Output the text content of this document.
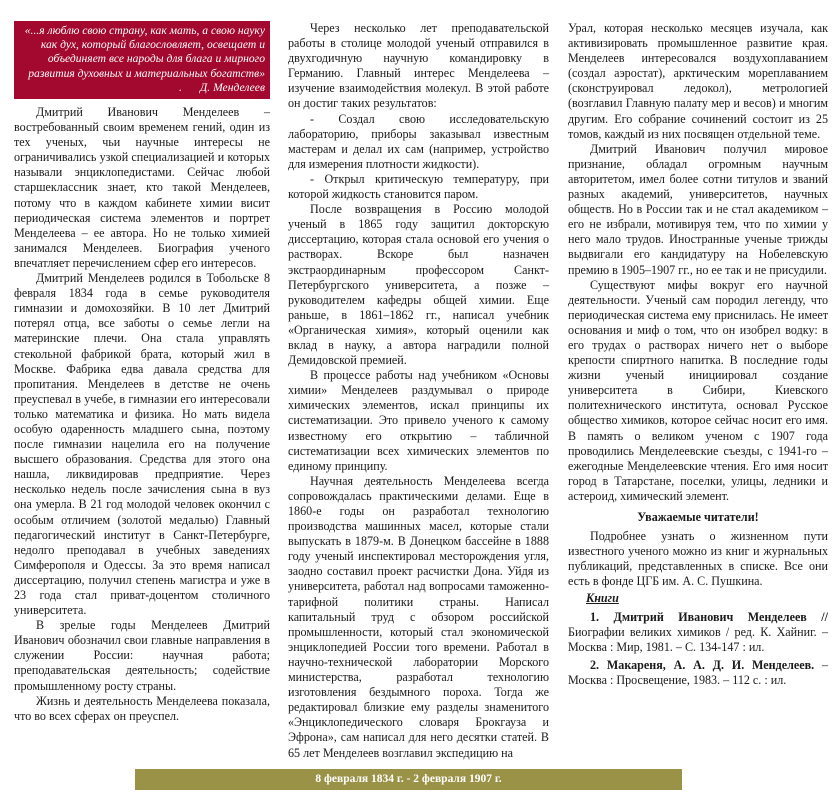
«...я люблю свою страну, как мать, а свою науку как дух, который благословляет, освещает и объединяет все народы для блага и мирного развития духовных и материальных богатств» . Д. Менделеев

Дмитрий Иванович Менделеев – востребованный своим временем гений, один из тех ученых, чьи научные интересы не ограничивались узкой специализацией и которых называли энциклопедистами. Сейчас любой старшеклассник знает, кто такой Менделеев, потому что в каждом кабинете химии висит периодическая система элементов и портрет Менделеева – ее автора. Но не только химией занимался Менделеев. Биография ученого впечатляет перечислением сфер его интересов.

Дмитрий Менделеев родился в Тобольске 8 февраля 1834 года в семье руководителя гимназии и домохозяйки. В 10 лет Дмитрий потерял отца, все заботы о семье легли на материнские плечи. Она стала управлять стекольной фабрикой брата, который жил в Москве. Фабрика едва давала средства для пропитания. Менделеев в детстве не очень преуспевал в учебе, в гимназии его интересовали только математика и физика. Но мать видела особую одаренность младшего сына, поэтому после гимназии нацелила его на получение высшего образования. Средства для этого она нашла, ликвидировав предприятие. Через несколько недель после зачисления сына в вуз она умерла. В 21 год молодой человек окончил с особым отличием (золотой медалью) Главный педагогический институт в Санкт-Петербурге, недолго преподавал в учебных заведениях Симферополя и Одессы. За это время написал диссертацию, получил степень магистра и уже в 23 года стал приват-доцентом столичного университета.

В зрелые годы Менделеев Дмитрий Иванович обозначил свои главные направления в служении России: научная работа; преподавательская деятельность; содействие промышленному росту страны.

Жизнь и деятельность Менделеева показала, что во всех сферах он преуспел.

Через несколько лет преподавательской работы в столице молодой ученый отправился в двухгодичную научную командировку в Германию. Главный интерес Менделеева – изучение взаимодействия молекул. В этой работе он достиг таких результатов:

- Создал свою исследовательскую лабораторию, приборы заказывал известным мастерам и делал их сам (например, устройство для измерения плотности жидкости).

- Открыл критическую температуру, при которой жидкость становится паром.

После возвращения в Россию молодой ученый в 1865 году защитил докторскую диссертацию, которая стала основой его учения о растворах. Вскоре был назначен экстраординарным профессором Санкт-Петербургского университета, а позже – руководителем кафедры общей химии. Еще раньше, в 1861–1862 гг., написал учебник «Органическая химия», который оценили как вклад в науку, а автора наградили полной Демидовской премией.

В процессе работы над учебником «Основы химии» Менделеев раздумывал о природе химических элементов, искал принципы их систематизации. Это привело ученого к самому известному его открытию – табличной систематизации всех химических элементов по единому принципу.

Научная деятельность Менделеева всегда сопровождалась практическими делами. Еще в 1860-е годы он разработал технологию производства машинных масел, которые стали выпускать в 1879-м. В Донецком бассейне в 1888 году ученый инспектировал месторождения угля, заодно составил проект расчистки Дона. Уйдя из университета, работал над вопросами таможенно-тарифной политики страны. Написал капитальный труд с обзором российской промышленности, который стал экономической энциклопедией России того времени. Работал в научно-технической лаборатории Морского министерства, разработал технологию изготовления бездымного пороха. Тогда же редактировал близкие ему разделы знаменитого «Энциклопедического словаря Брокгауза и Эфрона», сам написал для него десятки статей. В 65 лет Менделеев возглавил экспедицию на

Урал, которая несколько месяцев изучала, как активизировать промышленное развитие края. Менделеев интересовался воздухоплаванием (создал аэростат), арктическим мореплаванием (сконструировал ледокол), метрологией (возглавил Главную палату мер и весов) и многим другим. Его собрание сочинений состоит из 25 томов, каждый из них посвящен отдельной теме.

Дмитрий Иванович получил мировое признание, обладал огромным научным авторитетом, имел более сотни титулов и званий разных академий, университетов, научных обществ. Но в России так и не стал академиком – его не избрали, мотивируя тем, что по химии у него мало трудов. Иностранные ученые трижды выдвигали его кандидатуру на Нобелевскую премию в 1905–1907 гг., но ее так и не присудили.

Существуют мифы вокруг его научной деятельности. Ученый сам породил легенду, что периодическая система ему приснилась. Не имеет основания и миф о том, что он изобрел водку: в его трудах о растворах ничего нет о выборе крепости спиртного напитка. В последние годы жизни ученый инициировал создание университета в Сибири, Киевского политехнического института, основал Русское общество химиков, которое сейчас носит его имя. В память о великом ученом с 1907 года проводились Менделеевские съезды, с 1941-го – ежегодные Менделеевские чтения. Его имя носит город в Татарстане, поселки, улицы, ледники и астероид, химический элемент.

Уважаемые читатели!

Подробнее узнать о жизненном пути известного ученого можно из книг и журнальных публикаций, представленных в списке. Все они есть в фонде ЦГБ им. А. С. Пушкина.

Книги

1. Дмитрий Иванович Менделеев // Биографии великих химиков / ред. К. Хайниг. – Москва : Мир, 1981. – С. 134-147 : ил.

2. Макареня, А. А. Д. И. Менделеев. – Москва : Просвещение, 1983. – 112 с. : ил.

8 февраля 1834 г. - 2 февраля 1907 г.
